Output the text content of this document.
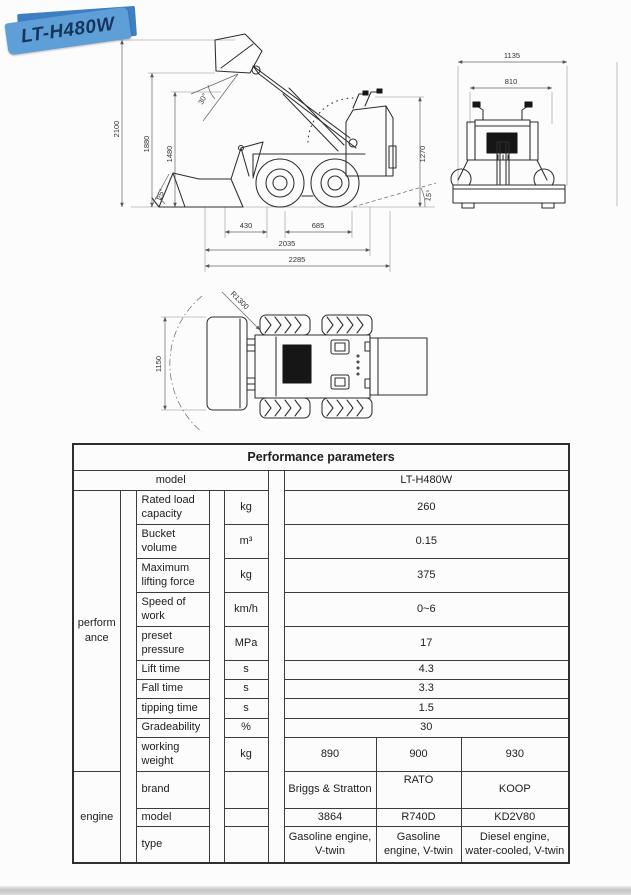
LT-H480W
2100
1880
1480	1270
430	685
2035
2285
30°
25°	15°
1135
810
1150
R1300
Performance parameters								
model						LT-H480W		
performance		Rated load capacity		kg		260		
		Bucket volume		m³		0.15		
		Maximum lifting force		kg		375		
		Speed of work		km/h		0~6		
		preset pressure		MPa		17		
		Lift time		s		4.3		
		Fall time		s		3.3		
		tipping time		s		1.5		
		Gradeability		%		30		
		working weight		kg		890	900	930
engine		brand				Briggs & Stratton	RATO	KOOP
		model				3864	R740D	KD2V80
		type				Gasoline engine, V-twin	Gasoline engine, V-twin	Diesel engine, water-cooled, V-twin
